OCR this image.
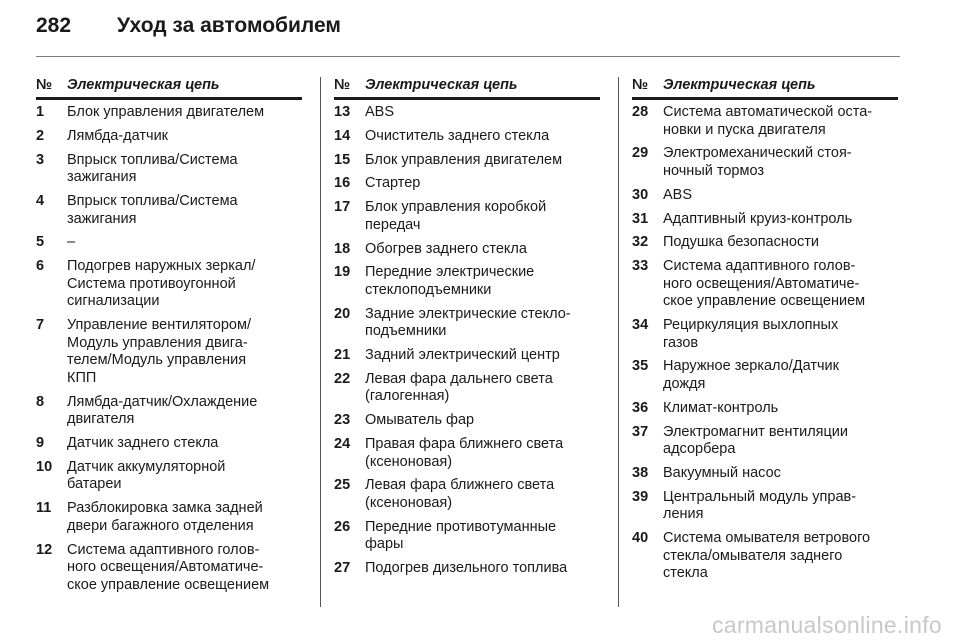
282	Уход за автомобилем
№ Электрическая цепь
1	Блок управления двигателем
2	Лямбда-датчик
3	Впрыск топлива/Система
зажигания
4	Впрыск топлива/Система
зажигания
5	–
6	Подогрев наружных зеркал/
Система противоугонной
сигнализации
7	Управление вентилятором/
Модуль управления двига-
телем/Модуль управления
КПП
8	Лямбда-датчик/Охлаждение
двигателя
9	Датчик заднего стекла
10	Датчик аккумуляторной
батареи
11	Разблокировка замка задней
двери багажного отделения
12	Система адаптивного голов-
ного освещения/Автоматиче-
ское управление освещением
№ Электрическая цепь
13	ABS
14	Очиститель заднего стекла
15	Блок управления двигателем
16	Стартер
17	Блок управления коробкой
передач
18	Обогрев заднего стекла
19	Передние электрические
стеклоподъемники
20	Задние электрические стекло-
подъемники
21	Задний электрический центр
22	Левая фара дальнего света
(галогенная)
23	Омыватель фар
24	Правая фара ближнего света
(ксеноновая)
25	Левая фара ближнего света
(ксеноновая)
26	Передние противотуманные
фары
27	Подогрев дизельного топлива
№ Электрическая цепь
28	Система автоматической оста-
новки и пуска двигателя
29	Электромеханический стоя-
ночный тормоз
30	ABS
31	Адаптивный круиз-контроль
32	Подушка безопасности
33	Система адаптивного голов-
ного освещения/Автоматиче-
ское управление освещением
34	Рециркуляция выхлопных
газов
35	Наружное зеркало/Датчик
дождя
36	Климат-контроль
37	Электромагнит вентиляции
адсорбера
38	Вакуумный насос
39	Центральный модуль управ-
ления
40	Система омывателя ветрового
стекла/омывателя заднего
стекла
carmanualsonline.info
